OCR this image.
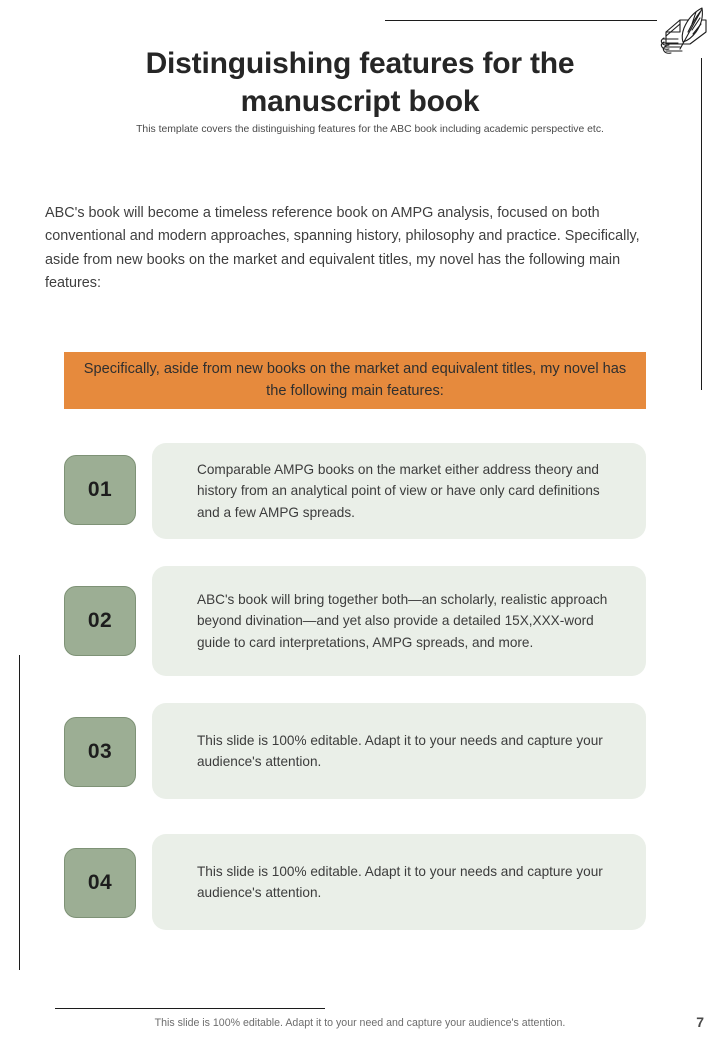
Distinguishing features for the manuscript book
This template covers the distinguishing features for the ABC book including academic perspective etc.
ABC's book will become a timeless reference book on AMPG analysis, focused on both conventional and modern approaches, spanning history, philosophy and practice. Specifically, aside from new books on the market and equivalent titles, my novel has the following main features:
Specifically, aside from new books on the market and equivalent titles, my novel has the following main features:
01
Comparable AMPG books on the market either address theory and history from an analytical point of view or have only card definitions and a few AMPG spreads.
02
ABC's book will bring together both—an scholarly, realistic approach beyond divination—and yet also provide a detailed 15X,XXX-word guide to card interpretations, AMPG spreads, and more.
03	This slide is 100% editable. Adapt it to your needs and capture your audience's attention.
04	This slide is 100% editable. Adapt it to your needs and capture your audience's attention.
This slide is 100% editable. Adapt it to your need and capture your audience's attention.	7
